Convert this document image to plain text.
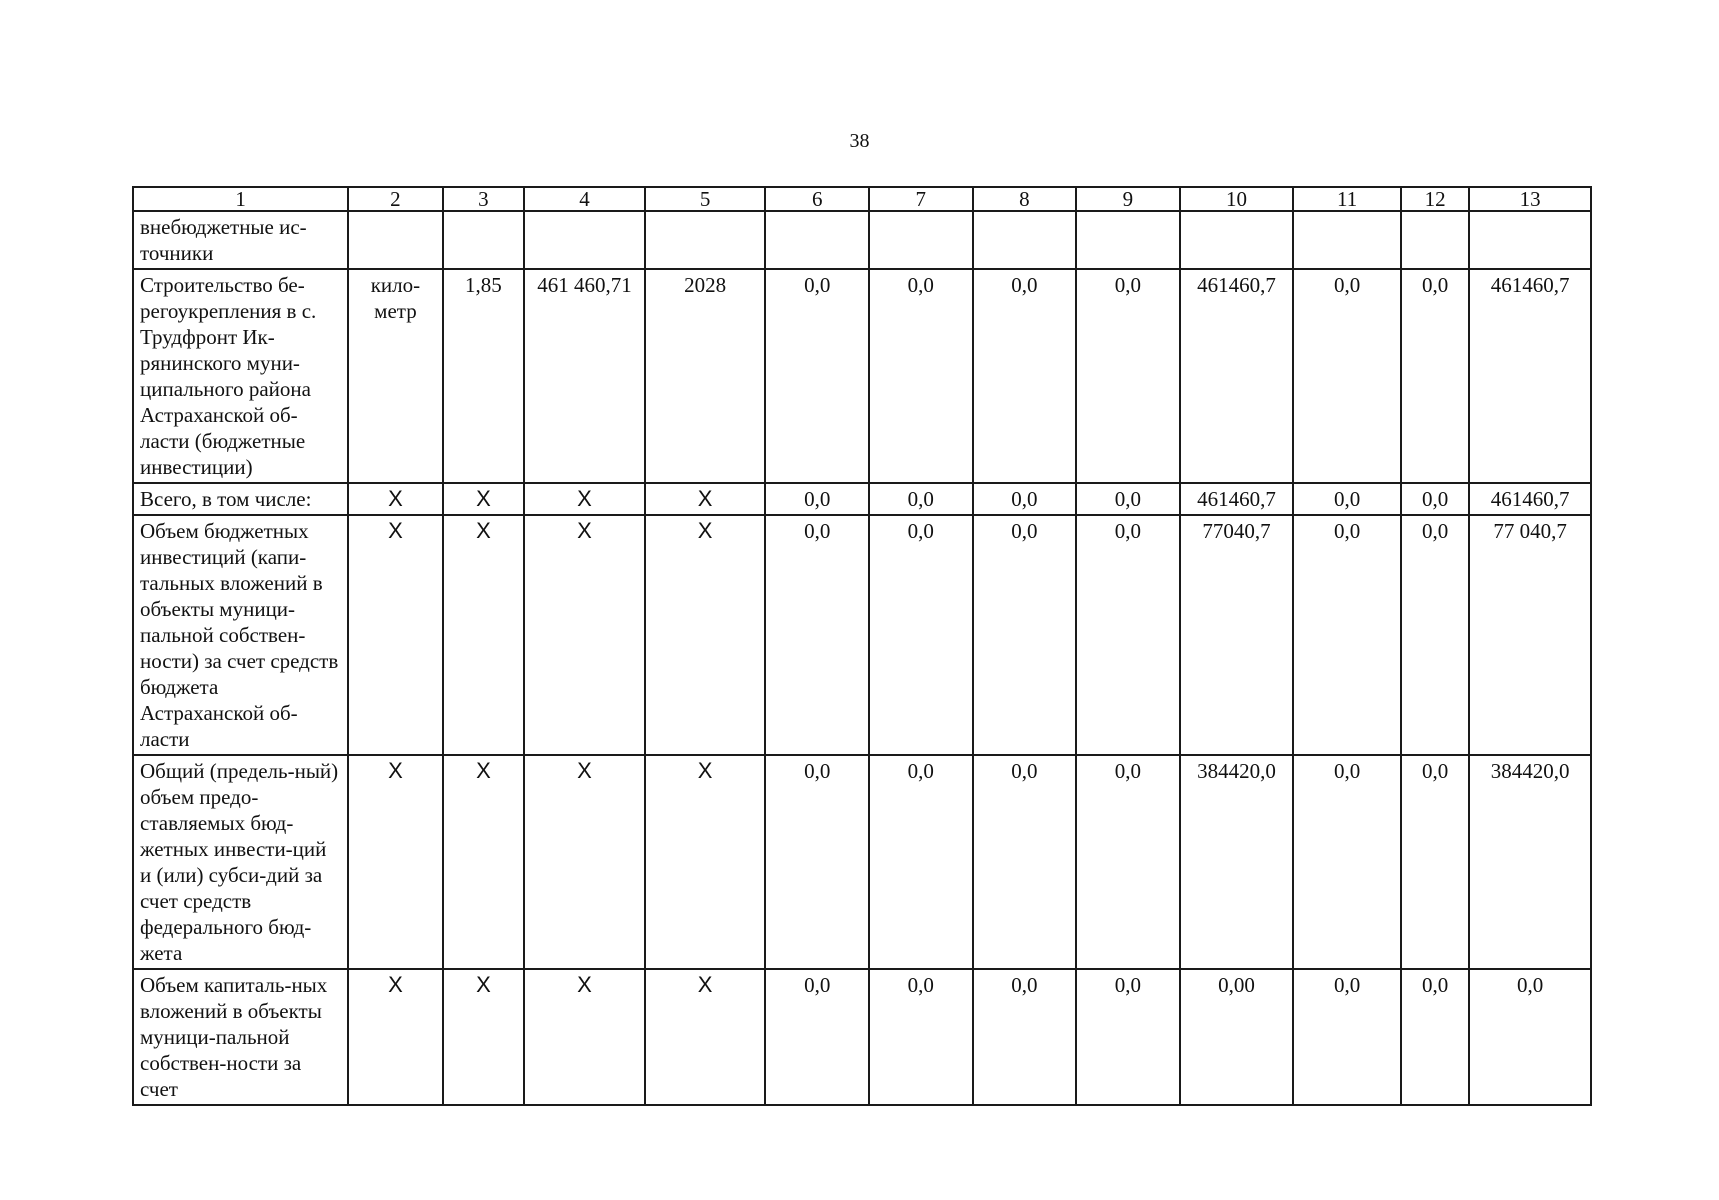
38
1	2	3	4	5	6	7	8	9	10	11	12	13
внебюджетные ис-точники												
Строительство бе-регоукрепления в с. Трудфронт Ик-рянинского муни-ципального района Астраханской об-ласти (бюджетные инвестиции)	кило-метр	1,85	461 460,71	2028	0,0	0,0	0,0	0,0	461460,7	0,0	0,0	461460,7
Всего, в том числе:	X	X	X	X	0,0	0,0	0,0	0,0	461460,7	0,0	0,0	461460,7
Объем бюджетных инвестиций (капи-тальных вложений в объекты муници-пальной собствен-ности) за счет средств бюджета Астраханской об-ласти	X	X	X	X	0,0	0,0	0,0	0,0	77040,7	0,0	0,0	77 040,7
Общий (предель-ный) объем предо-ставляемых бюд-жетных инвести-ций и (или) субси-дий за счет средств федерального бюд-жета	X	X	X	X	0,0	0,0	0,0	0,0	384420,0	0,0	0,0	384420,0
Объем капиталь-ных вложений в объекты муници-пальной собствен-ности за счет	X	X	X	X	0,0	0,0	0,0	0,0	0,00	0,0	0,0	0,0
